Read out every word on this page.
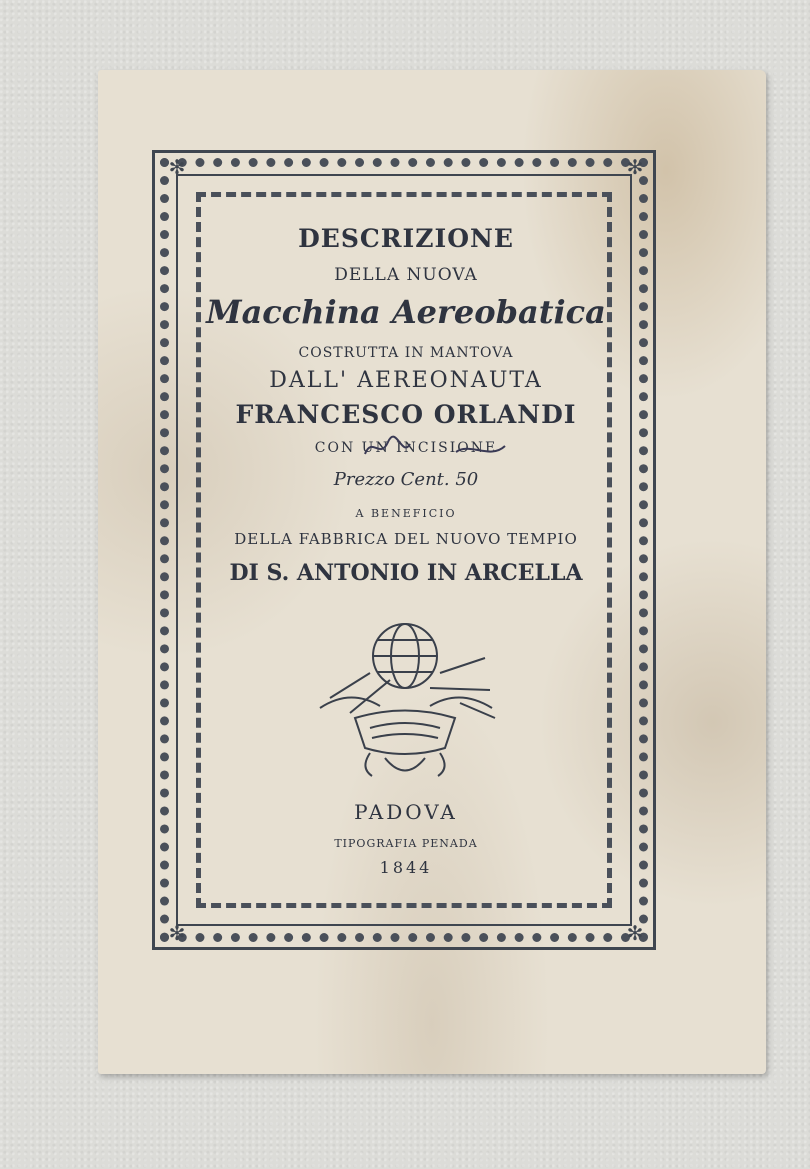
✻	✻
✻	✻
DESCRIZIONE
DELLA NUOVA
Macchina Aereobatica
COSTRUTTA IN MANTOVA
DALL' AEREONAUTA
FRANCESCO ORLANDI
CON UN INCISIONE
Prezzo Cent. 50
A BENEFICIO
DELLA FABBRICA DEL NUOVO TEMPIO
DI S. ANTONIO IN ARCELLA
PADOVA
TIPOGRAFIA PENADA
1844
